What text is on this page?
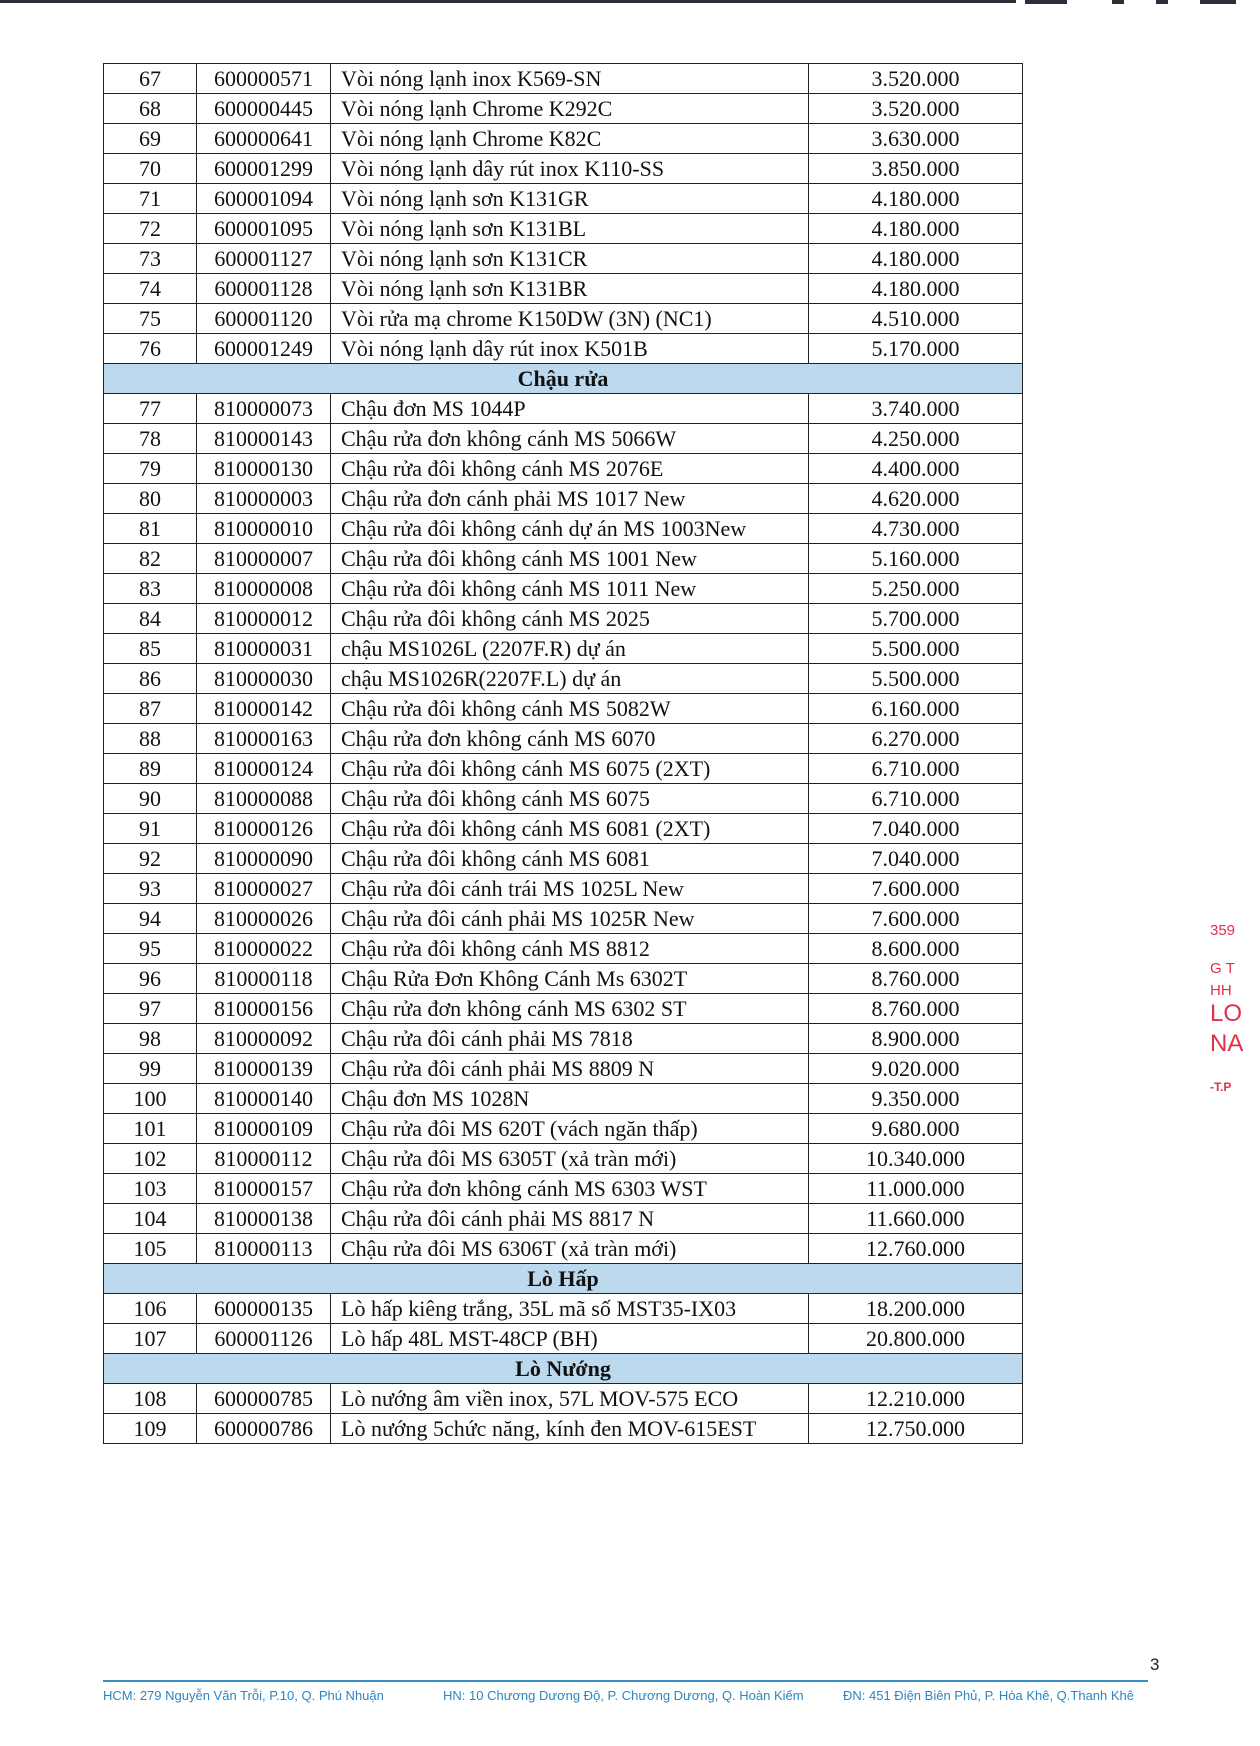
67	600000571	Vòi nóng lạnh inox K569-SN	3.520.000
68	600000445	Vòi nóng lạnh Chrome K292C	3.520.000
69	600000641	Vòi nóng lạnh Chrome K82C	3.630.000
70	600001299	Vòi nóng lạnh dây rút inox K110-SS	3.850.000
71	600001094	Vòi nóng lạnh sơn K131GR	4.180.000
72	600001095	Vòi nóng lạnh sơn K131BL	4.180.000
73	600001127	Vòi nóng lạnh sơn K131CR	4.180.000
74	600001128	Vòi nóng lạnh sơn K131BR	4.180.000
75	600001120	Vòi rửa mạ chrome K150DW (3N) (NC1)	4.510.000
76	600001249	Vòi nóng lạnh dây rút inox K501B	5.170.000
Chậu rửa			
77	810000073	Chậu đơn MS 1044P	3.740.000
78	810000143	Chậu rửa đơn không cánh MS 5066W	4.250.000
79	810000130	Chậu rửa đôi không cánh MS 2076E	4.400.000
80	810000003	Chậu rửa đơn cánh phải MS 1017 New	4.620.000
81	810000010	Chậu rửa đôi không cánh dự án MS 1003New	4.730.000
82	810000007	Chậu rửa đôi không cánh MS 1001 New	5.160.000
83	810000008	Chậu rửa đôi không cánh MS 1011 New	5.250.000
84	810000012	Chậu rửa đôi không cánh MS 2025	5.700.000
85	810000031	chậu MS1026L (2207F.R) dự án	5.500.000
86	810000030	chậu MS1026R(2207F.L) dự án	5.500.000
87	810000142	Chậu rửa đôi không cánh MS 5082W	6.160.000
88	810000163	Chậu rửa đơn không cánh MS 6070	6.270.000
89	810000124	Chậu rửa đôi không cánh MS 6075 (2XT)	6.710.000
90	810000088	Chậu rửa đôi không cánh MS 6075	6.710.000
91	810000126	Chậu rửa đôi không cánh MS 6081 (2XT)	7.040.000
92	810000090	Chậu rửa đôi không cánh MS 6081	7.040.000
93	810000027	Chậu rửa đôi cánh trái MS 1025L New	7.600.000
94	810000026	Chậu rửa đôi cánh phải MS 1025R New	7.600.000
95	810000022	Chậu rửa đôi không cánh MS 8812	8.600.000
96	810000118	Chậu Rửa Đơn Không Cánh Ms 6302T	8.760.000
97	810000156	Chậu rửa đơn không cánh MS 6302 ST	8.760.000
98	810000092	Chậu rửa đôi cánh phải MS 7818	8.900.000
99	810000139	Chậu rửa đôi cánh phải MS 8809 N	9.020.000
100	810000140	Chậu đơn MS 1028N	9.350.000
101	810000109	Chậu rửa đôi MS 620T (vách ngăn thấp)	9.680.000
102	810000112	Chậu rửa đôi MS 6305T (xả tràn mới)	10.340.000
103	810000157	Chậu rửa đơn không cánh MS 6303 WST	11.000.000
104	810000138	Chậu rửa đôi cánh phải MS 8817 N	11.660.000
105	810000113	Chậu rửa đôi MS 6306T (xả tràn mới)	12.760.000
Lò Hấp			
106	600000135	Lò hấp kiêng trắng, 35L mã số MST35-IX03	18.200.000
107	600001126	Lò hấp 48L MST-48CP (BH)	20.800.000
Lò Nướng			
108	600000785	Lò nướng âm viền inox, 57L MOV-575 ECO	12.210.000
109	600000786	Lò nướng 5chức năng, kính đen MOV-615EST	12.750.000
359
G T
HH
LO
NA
-T.P
3
HCM: 279 Nguyễn Văn Trỗi, P.10, Q. Phú Nhuận	HN: 10 Chương Dương Độ, P. Chương Dương, Q. Hoàn Kiếm	ĐN: 451 Điện Biên Phủ, P. Hòa Khê, Q.Thanh Khê
